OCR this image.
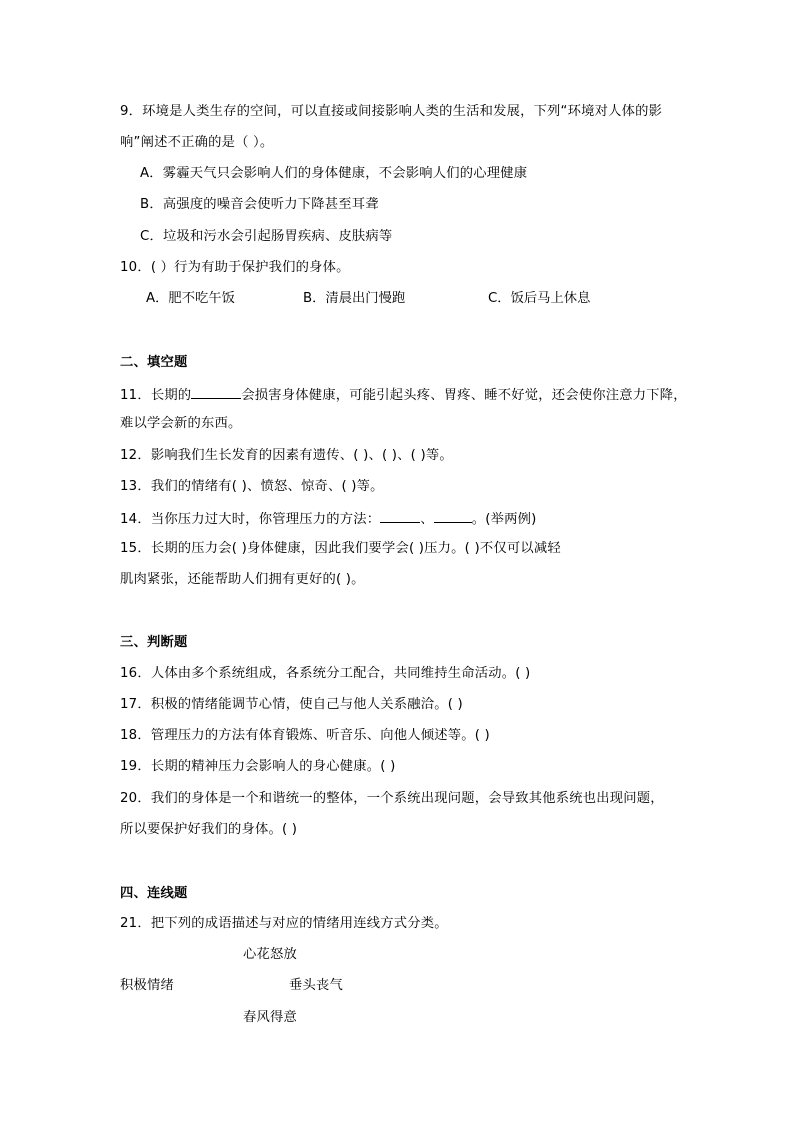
9．环境是人类生存的空间，可以直接或间接影响人类的生活和发展，下列“环境对人体的影
响”阐述不正确的是（ ）。
A．雾霾天气只会影响人们的身体健康，不会影响人们的心理健康
B．高强度的噪音会使听力下降甚至耳聋
C．垃圾和污水会引起肠胃疾病、皮肤病等
10．( ）行为有助于保护我们的身体。
A．肥不吃午饭	B．清晨出门慢跑	C．饭后马上休息
二、填空题
11．长期的	会损害身体健康，可能引起头疼、胃疼、睡不好觉，还会使你注意力下降，
难以学会新的东西。
12．影响我们生长发育的因素有遗传、( )、( )、( )等。
13．我们的情绪有( )、愤怒、惊奇、( )等。
14．当你压力过大时，你管理压力的方法：	、	。(举两例)
15．长期的压力会( )身体健康，因此我们要学会( )压力。( )不仅可以减轻
肌肉紧张，还能帮助人们拥有更好的( )。
三、判断题
16．人体由多个系统组成，各系统分工配合，共同维持生命活动。( )
17．积极的情绪能调节心情，使自己与他人关系融洽。( )
18．管理压力的方法有体育锻炼、听音乐、向他人倾述等。( )
19．长期的精神压力会影响人的身心健康。( )
20．我们的身体是一个和谐统一的整体，一个系统出现问题，会导致其他系统也出现问题，
所以要保护好我们的身体。( )
四、连线题
21．把下列的成语描述与对应的情绪用连线方式分类。
心花怒放
积极情绪	垂头丧气
春风得意
